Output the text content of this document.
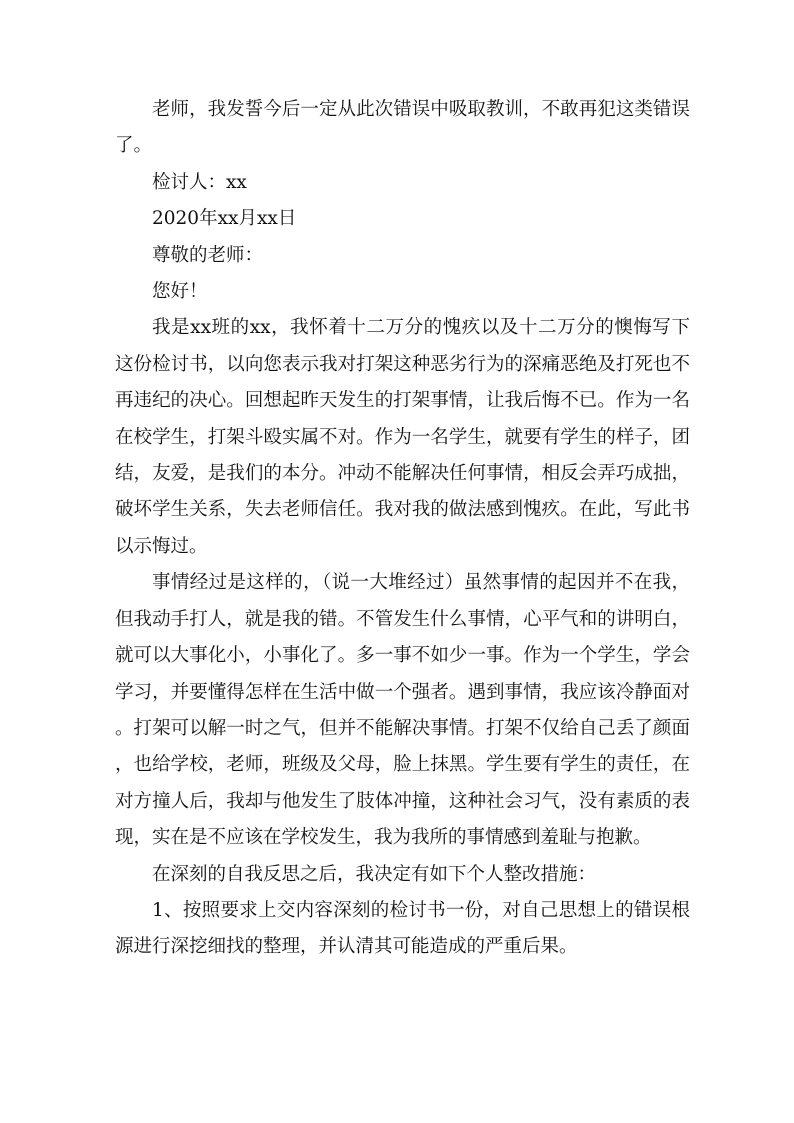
老师，我发誓今后一定从此次错误中吸取教训，不敢再犯这类错误了。

检讨人：xx

2020年xx月xx日

尊敬的老师：

您好！

我是xx班的xx，我怀着十二万分的愧疚以及十二万分的懊悔写下这份检讨书，以向您表示我对打架这种恶劣行为的深痛恶绝及打死也不再违纪的决心。回想起昨天发生的打架事情，让我后悔不已。作为一名在校学生，打架斗殴实属不对。作为一名学生，就要有学生的样子，团结，友爱，是我们的本分。冲动不能解决任何事情，相反会弄巧成拙，破坏学生关系，失去老师信任。我对我的做法感到愧疚。在此，写此书以示悔过。

事情经过是这样的，（说一大堆经过）虽然事情的起因并不在我，但我动手打人，就是我的错。不管发生什么事情，心平气和的讲明白，就可以大事化小，小事化了。多一事不如少一事。作为一个学生，学会学习，并要懂得怎样在生活中做一个强者。遇到事情，我应该冷静面对。打架可以解一时之气，但并不能解决事情。打架不仅给自己丢了颜面，也给学校，老师，班级及父母，脸上抹黑。学生要有学生的责任，在对方撞人后，我却与他发生了肢体冲撞，这种社会习气，没有素质的表现，实在是不应该在学校发生，我为我所的事情感到羞耻与抱歉。

在深刻的自我反思之后，我决定有如下个人整改措施：

1、按照要求上交内容深刻的检讨书一份，对自己思想上的错误根源进行深挖细找的整理，并认清其可能造成的严重后果。
